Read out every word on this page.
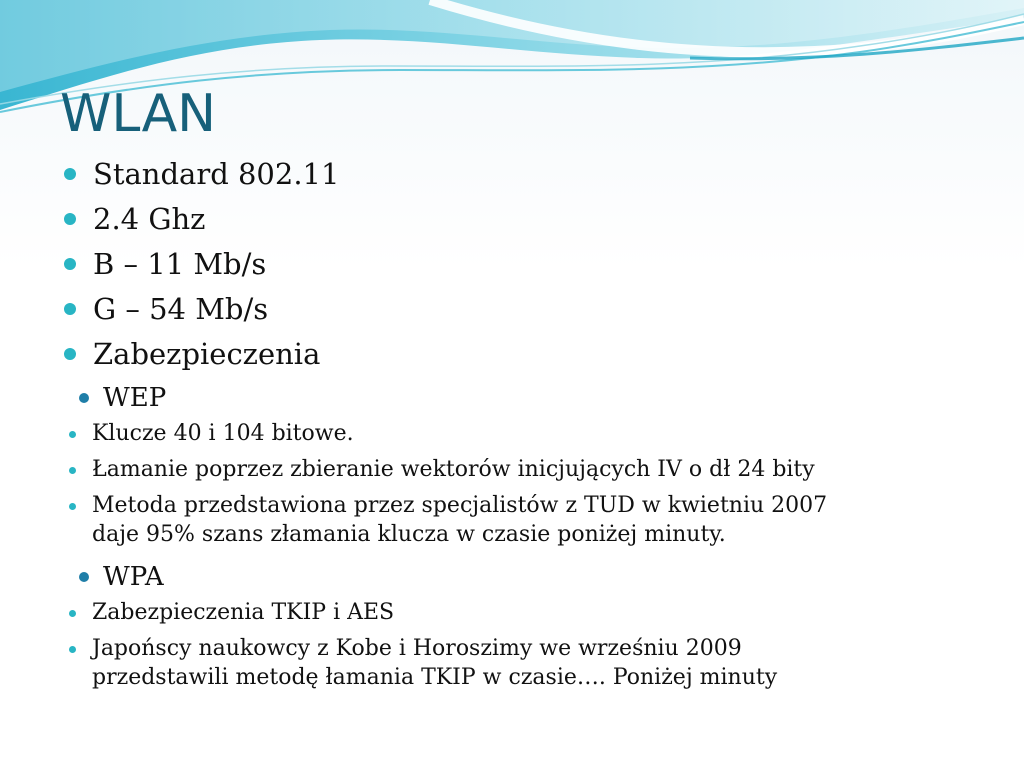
WLAN
Standard 802.11
2.4 Ghz
B – 11 Mb/s
G – 54 Mb/s
Zabezpieczenia
WEP
Klucze 40 i 104 bitowe.
Łamanie poprzez zbieranie wektorów inicjujących IV o dł 24 bity
Metoda przedstawiona przez specjalistów z TUD w kwietniu 2007 daje 95% szans złamania klucza w czasie poniżej minuty.
WPA
Zabezpieczenia TKIP i AES
Japońscy naukowcy z Kobe i Horoszimy we wrześniu 2009 przedstawili metodę łamania TKIP w czasie…. Poniżej minuty
